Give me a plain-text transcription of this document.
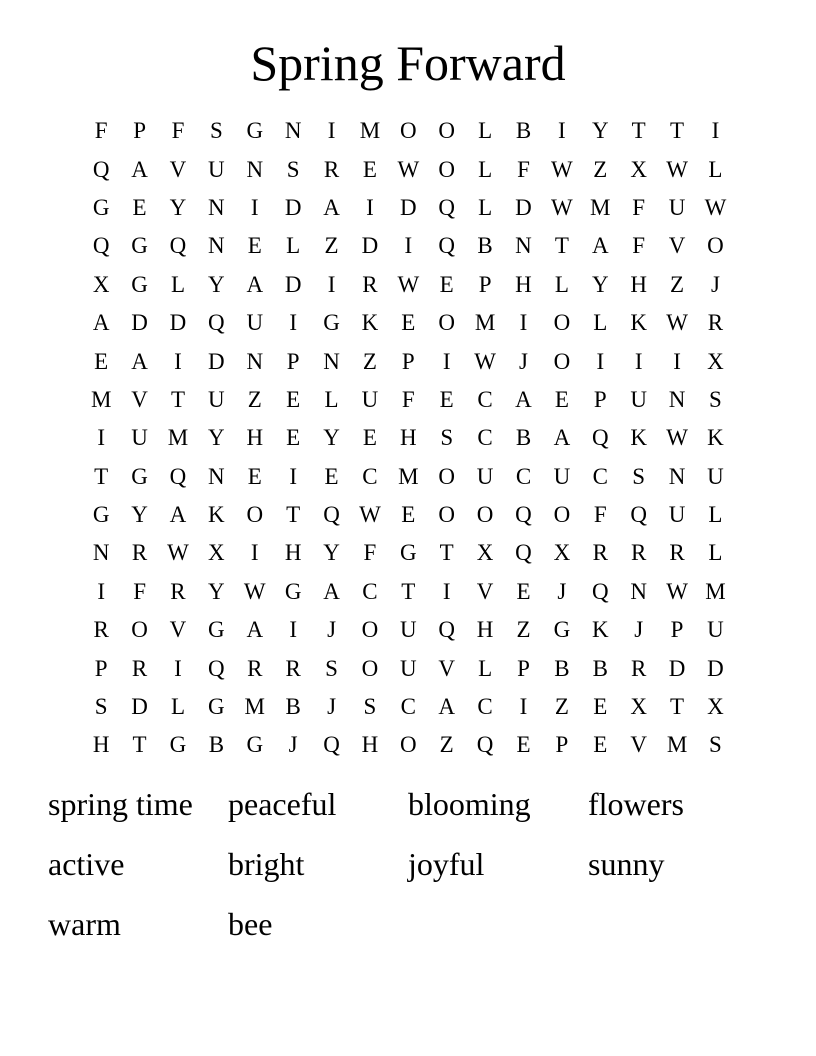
Spring Forward
F	P	F	S	G N	I	M O O	L	B	I	Y	T	T	I
Q A V U N	S	R	E W O	L	F W Z	X W L
G	E	Y N	I	D A	I	D Q	L	D W M F	U W
Q G Q N	E	L	Z	D	I	Q B N	T	A	F	V O
X G	L	Y A D	I	R W E	P	H	L	Y H	Z	J
A D D Q U	I	G K	E	O M	I	O	L	K W R
E	A	I	D N	P	N	Z	P	I	W	J	O	I	I	I	X
M V	T	U	Z	E	L	U	F	E	C A	E	P	U N	S
I	U M Y H	E	Y	E	H	S	C	B A Q K W K
T	G Q N	E	I	E	C M O U C U C	S	N U
G Y A K O	T	Q W E	O O Q O	F	Q U	L
N R W X	I	H Y	F	G	T	X Q X R	R	R	L
I	F	R Y W G A C	T	I	V	E	J	Q N W M
R O V G A	I	J	O U Q H	Z	G K	J	P	U
P	R	I	Q R	R	S	O U V	L	P	B	B	R D D
S	D	L	G M B	J	S	C A C	I	Z	E	X	T	X
H	T	G B G	J	Q H O	Z	Q	E	P	E	V M S
spring time	peaceful	blooming	flowers
active	bright	joyful	sunny
warm	bee
